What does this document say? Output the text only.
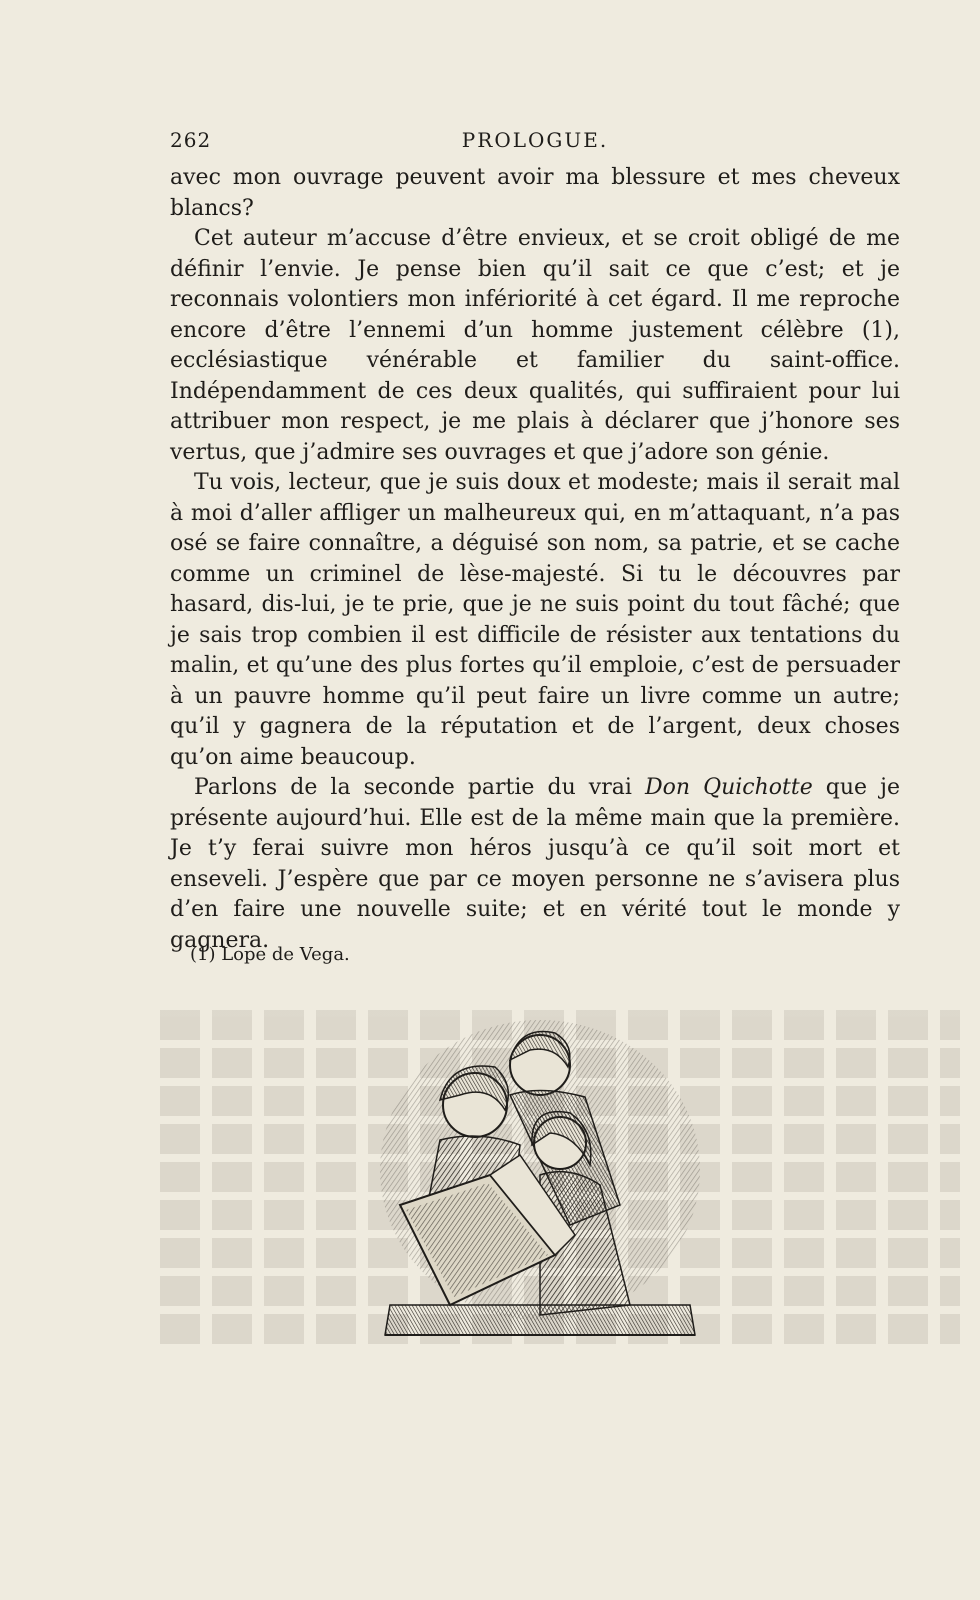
262	PROLOGUE.

avec mon ouvrage peuvent avoir ma blessure et mes cheveux blancs?

Cet auteur m’accuse d’être envieux, et se croit obligé de me définir l’envie. Je pense bien qu’il sait ce que c’est; et je reconnais volontiers mon infériorité à cet égard. Il me reproche encore d’être l’ennemi d’un homme justement célèbre (1), ecclésiastique vénérable et familier du saint-office. Indépendamment de ces deux qualités, qui suffiraient pour lui attribuer mon respect, je me plais à déclarer que j’honore ses vertus, que j’admire ses ouvrages et que j’adore son génie.

Tu vois, lecteur, que je suis doux et modeste; mais il serait mal à moi d’aller affliger un malheureux qui, en m’attaquant, n’a pas osé se faire connaître, a déguisé son nom, sa patrie, et se cache comme un criminel de lèse-majesté. Si tu le découvres par hasard, dis-lui, je te prie, que je ne suis point du tout fâché; que je sais trop combien il est difficile de résister aux tentations du malin, et qu’une des plus fortes qu’il emploie, c’est de persuader à un pauvre homme qu’il peut faire un livre comme un autre; qu’il y gagnera de la réputation et de l’argent, deux choses qu’on aime beaucoup.

Parlons de la seconde partie du vrai Don Quichotte que je présente aujourd’hui. Elle est de la même main que la première. Je t’y ferai suivre mon héros jusqu’à ce qu’il soit mort et enseveli. J’espère que par ce moyen personne ne s’avisera plus d’en faire une nouvelle suite; et en vérité tout le monde y gagnera.

(1) Lope de Vega.
